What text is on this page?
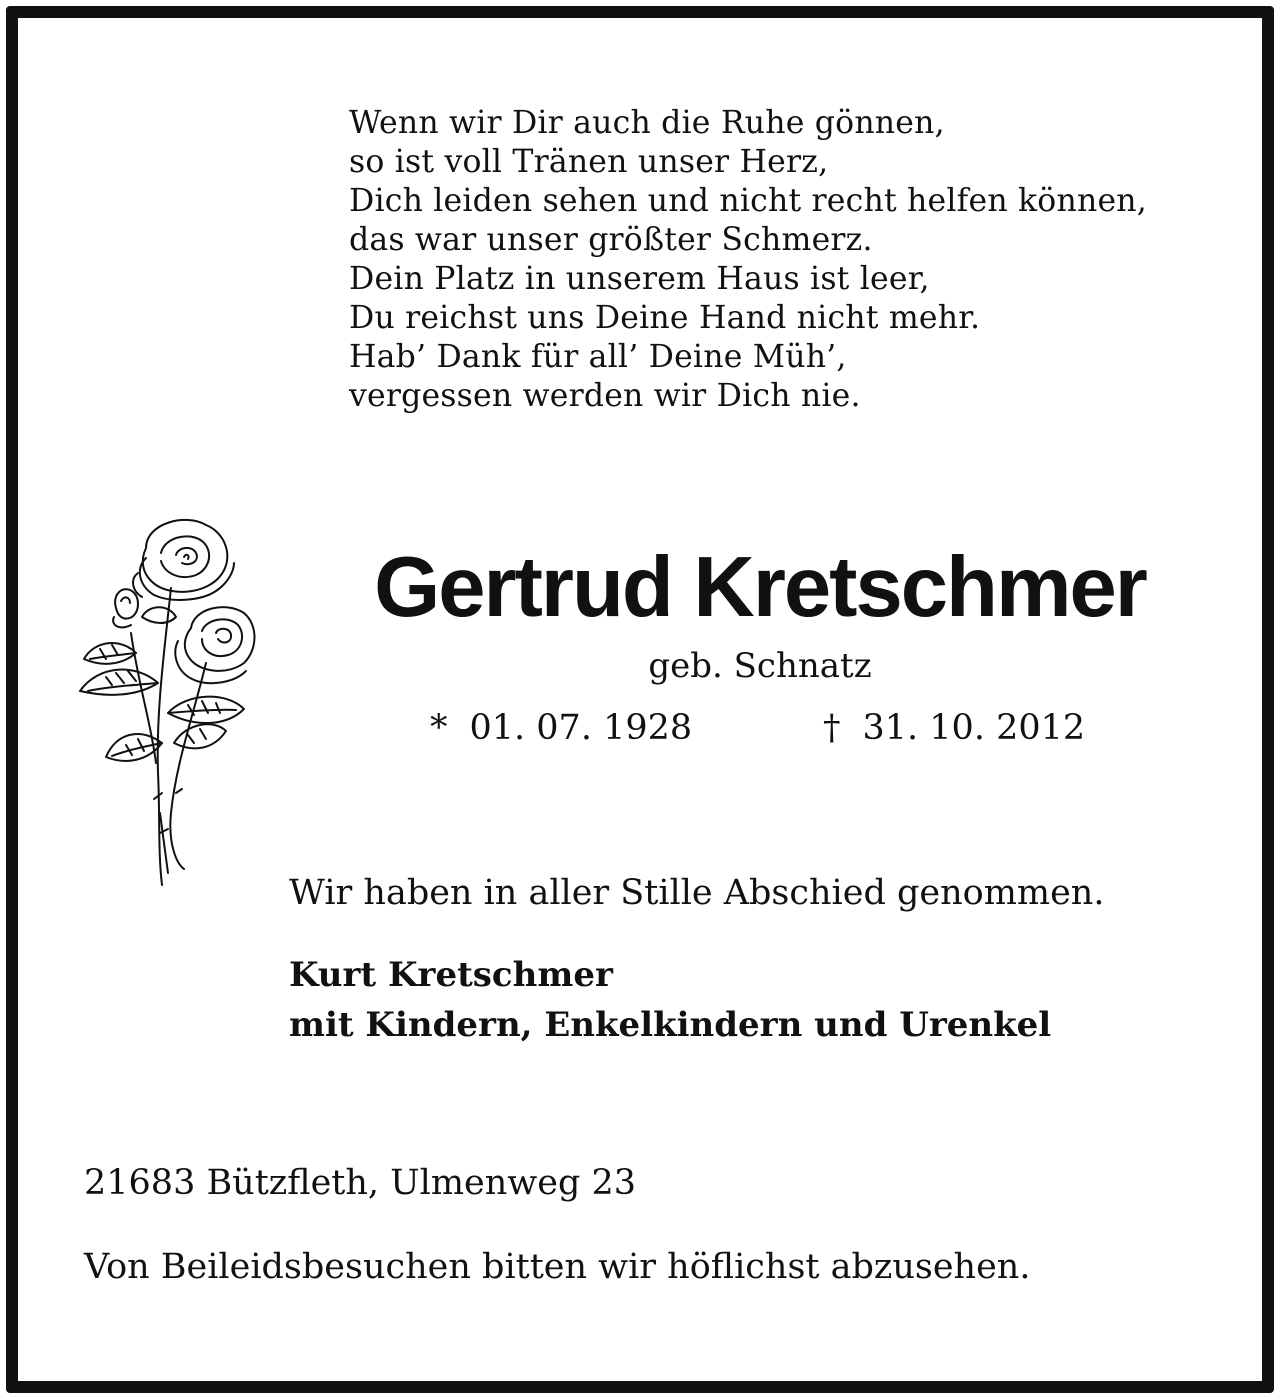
Wenn wir Dir auch die Ruhe gönnen,
so ist voll Tränen unser Herz,
Dich leiden sehen und nicht recht helfen können,
das war unser größter Schmerz.
Dein Platz in unserem Haus ist leer,
Du reichst uns Deine Hand nicht mehr.
Hab’ Dank für all’ Deine Müh’,
vergessen werden wir Dich nie.
Gertrud Kretschmer
geb. Schnatz
* 01. 07. 1928	† 31. 10. 2012
Wir haben in aller Stille Abschied genommen.
Kurt Kretschmer
mit Kindern, Enkelkindern und Urenkel
21683 Bützfleth, Ulmenweg 23
Von Beileidsbesuchen bitten wir höflichst abzusehen.
